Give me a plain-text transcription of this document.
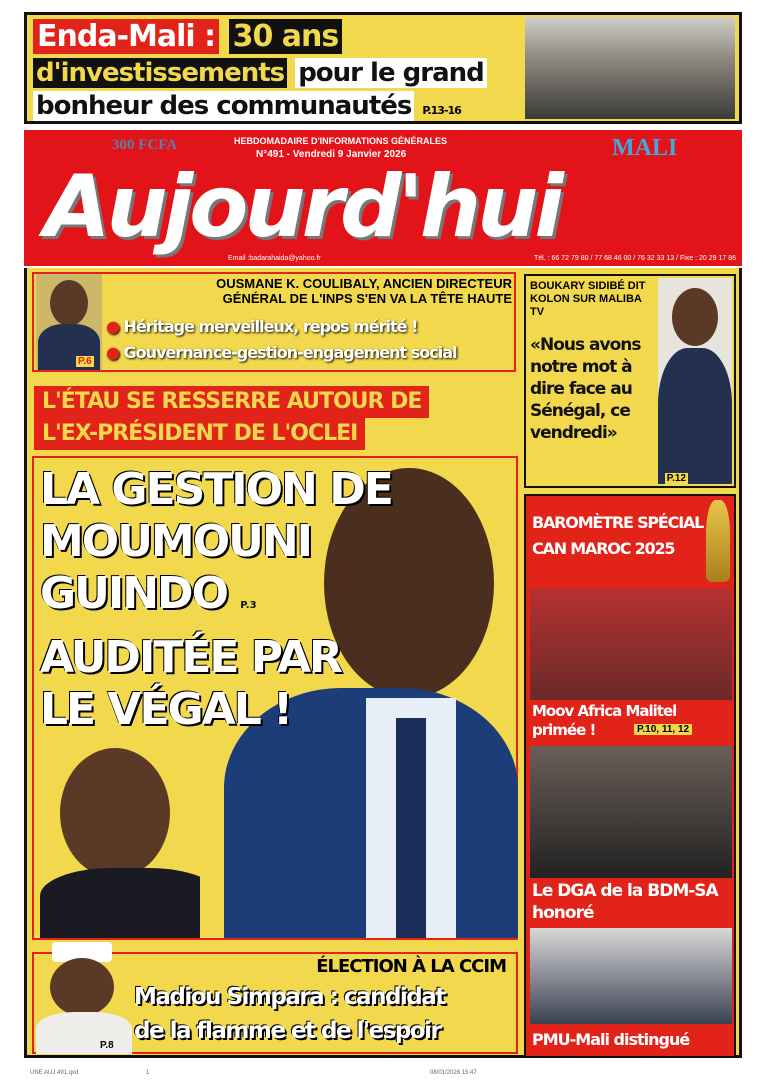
Enda-Mali : 30 ans
d'investissements pour le grand
bonheur des communautés P.13-16
300 FCFA	HEBDOMADAIRE D'INFORMATIONS GÉNÉRALES
N°491 - Vendredi 9 Janvier 2026	MALI
Aujourd'hui
Email :badarahaida@yahoo.fr	Tél. : 66 72 79 80 / 77 68 46 00 / 76 32 33 13 / Fixe : 20 29 17 86
P.6
OUSMANE K. COULIBALY, ANCIEN DIRECTEUR
GÉNÉRAL DE L'INPS S'EN VA LA TÊTE HAUTE
● Héritage merveilleux, repos mérité !
● Gouvernance-gestion-engagement social
BOUKARY SIDIBÉ DIT KOLON SUR MALIBA TV
«Nous avons notre mot à dire face au Sénégal, ce vendredi»
P.12
L'ÉTAU SE RESSERRE AUTOUR DE
L'EX-PRÉSIDENT DE L'OCLEI
LA GESTION DE
MOUMOUNI
GUINDO P.3
AUDITÉE PAR
LE VÉGAL !
P.8
ÉLECTION À LA CCIM
Madiou Simpara : candidat
de la flamme et de l'espoir
BAROMÈTRE SPÉCIAL
CAN MAROC 2025
Moov Africa Malitel primée !	P.10, 11, 12
Le DGA de la BDM-SA honoré
PMU-Mali distingué
UNE AUJ 491.qxd	1	08/01/2026 15:47
